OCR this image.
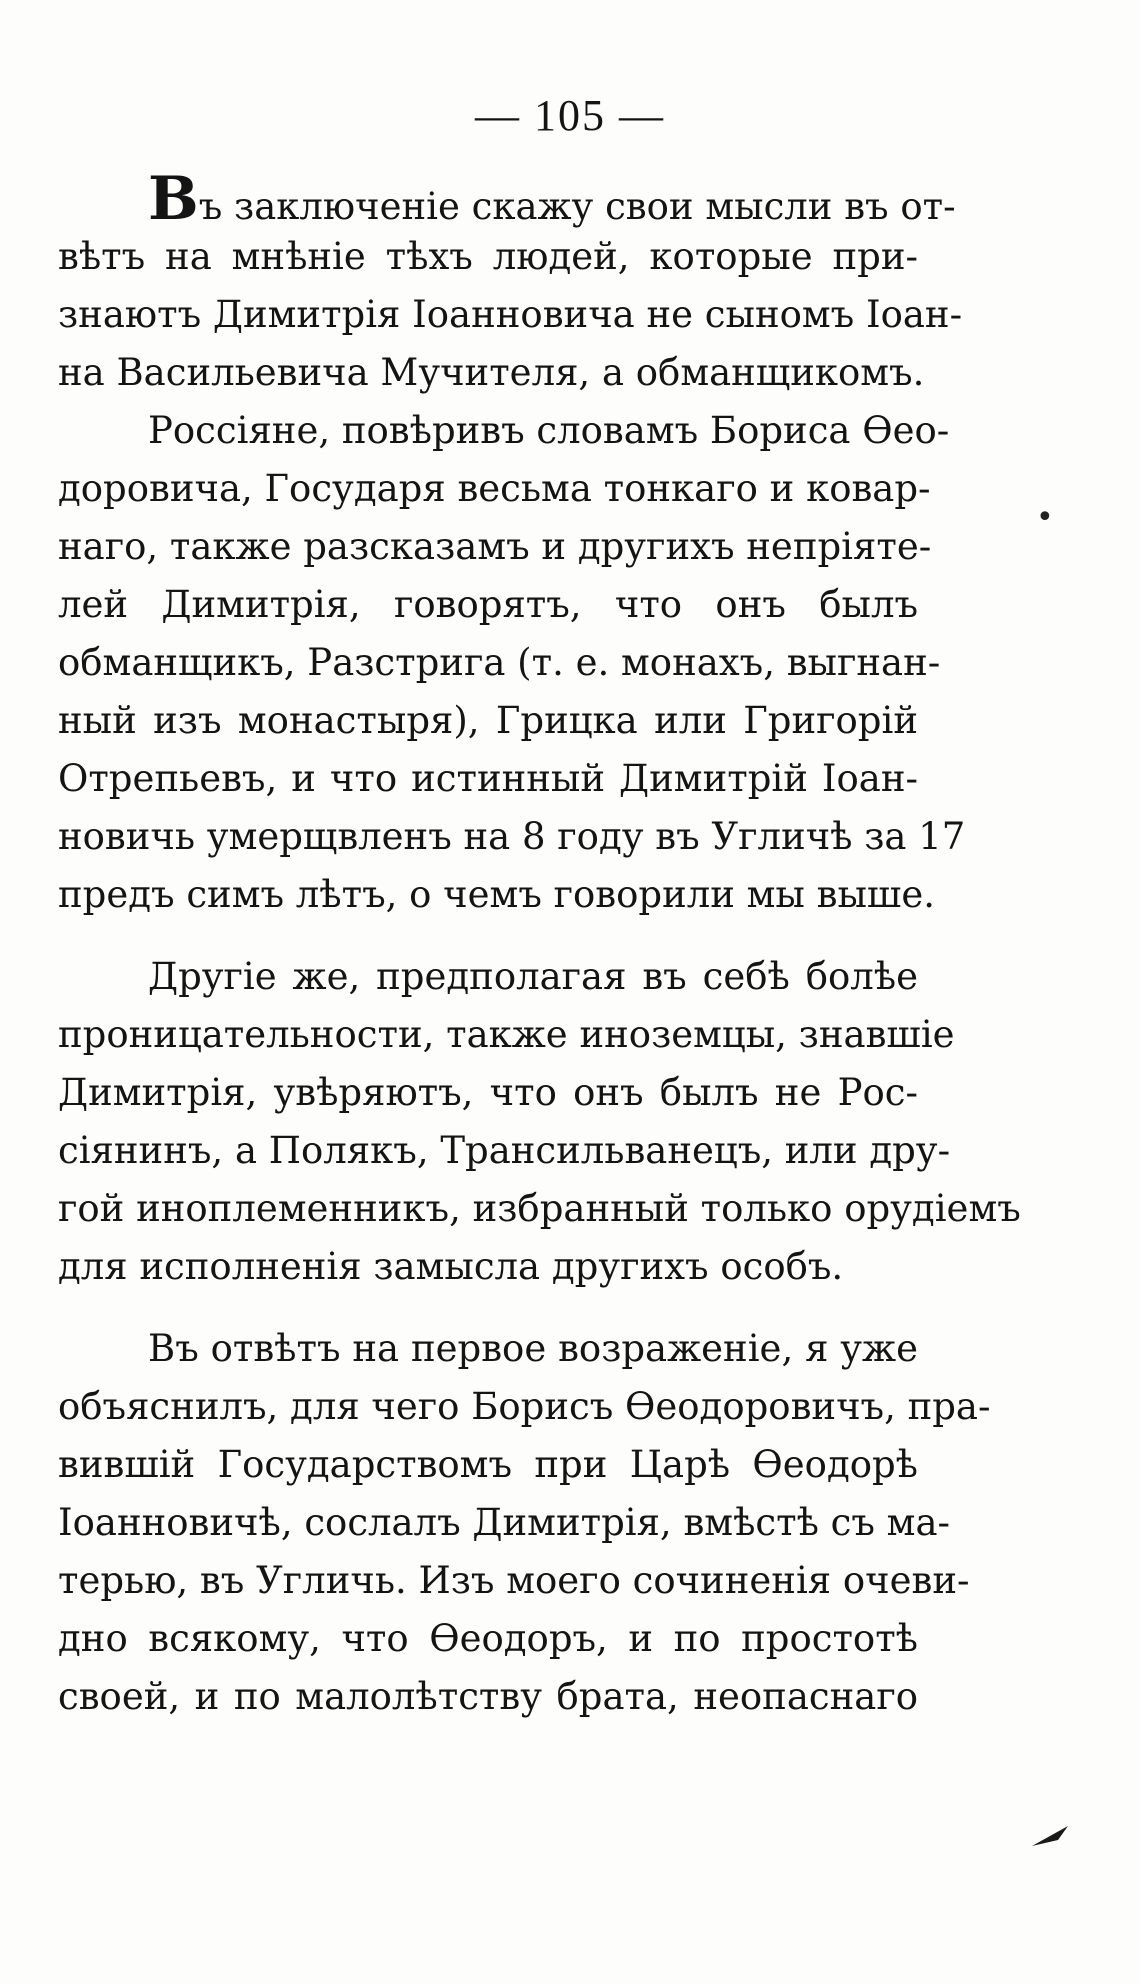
— 105 —
Въ заключеніе скажу свои мысли въ от-
вѣтъ на мнѣніе тѣхъ людей, которые при-
знаютъ Димитрія Іоанновича не сыномъ Іоан-
на Васильевича Мучителя, а обманщикомъ.
Россіяне, повѣривъ словамъ Бориса Ѳео-
доровича, Государя весьма тонкаго и ковар-
наго, также разсказамъ и другихъ непріяте-
лей Димитрія, говорятъ, что онъ былъ
обманщикъ, Разстрига (т. е. монахъ, выгнан-
ный изъ монастыря), Грицка или Григорій
Отрепьевъ, и что истинный Димитрій Іоан-
новичь умерщвленъ на 8 году въ Угличѣ за 17
предъ симъ лѣтъ, о чемъ говорили мы выше.
Другіе же, предполагая въ себѣ болѣе
проницательности, также иноземцы, знавшіе
Димитрія, увѣряютъ, что онъ былъ не Рос-
сіянинъ, а Полякъ, Трансильванецъ, или дру-
гой иноплеменникъ, избранный только орудіемъ
для исполненія замысла другихъ особъ.
Въ отвѣтъ на первое возраженіе, я уже
объяснилъ, для чего Борисъ Ѳеодоровичъ, пра-
вившій Государствомъ при Царѣ Ѳеодорѣ
Іоанновичѣ, сослалъ Димитрія, вмѣстѣ съ ма-
терью, въ Угличь. Изъ моего сочиненія очеви-
дно всякому, что Ѳеодоръ, и по простотѣ
своей, и по малолѣтству брата, неопаснаго
•
